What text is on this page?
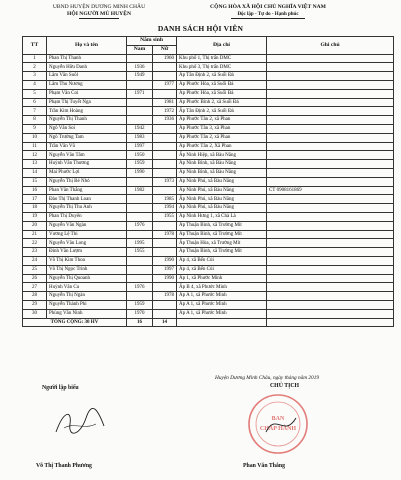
UBND HUYỆN DƯƠNG MINH CHÂU
HỘI NGƯỜI MÙ HUYỆN
CỘNG HÒA XÃ HỘI CHỦ NGHĨA VIỆT NAM
Độc lập - Tự do - Hạnh phúc
DANH SÁCH HỘI VIÊN
TT	Họ và tên	Năm sinh		Địa chỉ	Ghi chú
		Nam	Nữ		
1	Phan Thị Thanh		1960	Khu phố 1, Thị trấn DMC	
2	Nguyễn Hữu Danh	1936		Khu phố 3, Thị trấn DMC	
3	Lâm Văn Suôl	1949		Ấp Tân Định 2, xã Suối Đá	
4	Lâm Thu Nương		1977	Ấp Phước Hòa, xã Suối Đá	
5	Phạm Văn Coi	1971		Ấp Phước Hòa, xã Suối Đá	
6	Phạm Thị Tuyết Nga		1981	Ấp Phước Bình 2, xã Suối Đá	
7	Trần Kim Hoàng		1972	Ấp Tân Định 2, xã Suối Đá	
8	Nguyễn Thị Thanh		1936	Ấp Phước Tân 2, xã Phan	
9	Ngô Văn Soi	1942		Ấp Phước Tân 3, xã Phan	
10	Ngô Trường Tam	1983		Ấp Phước Tân 2, xã Phan	
11	Trần Văn Vũ	1997		Ấp Phước Tân 2, Xã Phan	
12	Nguyễn Văn Tâm	1950		Ấp Ninh Hiệp, xã Bàu Năng	
13	Huỳnh Văn Thương	1959		Ấp Ninh Bình, xã Bàu Năng	
14	Mai Phước Lợi	1990		Ấp Ninh Bình, xã Bàu Năng	
15	Nguyễn Thị Bé Nhỏ		1973	Ấp Ninh Phú, xã Bàu Năng	
16	Phan Văn Thắng	1982		Ấp Ninh Phú, xã Bàu Năng	CT 0908161869
17	Đào Thị Thanh Loan		1985	Ấp Ninh Phú, xã Bàu Năng	
18	Nguyễn Thị Thu Anh		1994	Ấp Ninh Phú, xã Bàu Năng	
19	Phan Thị Duyên		1955	Ấp Ninh Hưng 1, xã Chà Là	
20	Nguyễn Văn Ngàn	1976		Ấp Thuận Bình, xã Trường Mít	
21	Vương Lệ Thi		1978	Ấp Thuận Bình, xã Trường Mít	
22	Nguyễn Văn Long	1995		Ấp Thuận Hòa, xã Trường Mít	
23	Đinh Văn Lượm	1955		Ấp Thuận Bình, xã Trường Mít	
24	Võ Thị Kim Thoa		1990	Ấp 4, xã Bến Củi	
25	Võ Thị Ngọc Trinh		1997	Ấp 4, xã Bến Củi	
26	Nguyễn Thị Quoanh		1990	Ấp 1, xã Phước Minh	
27	Huỳnh Văn Cu	1976		Ấp B 4, xã Phước Minh	
28	Nguyễn Thị Ngàn		1978	Ấp A 1, xã Phước Minh	
29	Nguyễn Thành Phi	1959		Ấp A 1, xã Phước Minh	
30	Phùng Văn Ninh	1970		Ấp A 1, xã Phước Minh	
TỔNG CỘNG: 30 HV		16	14		
Huyện Dương Minh Châu, ngày tháng năm 2019
CHỦ TỊCH
Người lập biểu
BAN
CHẤP HÀNH
Võ Thị Thanh Phương	Phan Văn Thắng
